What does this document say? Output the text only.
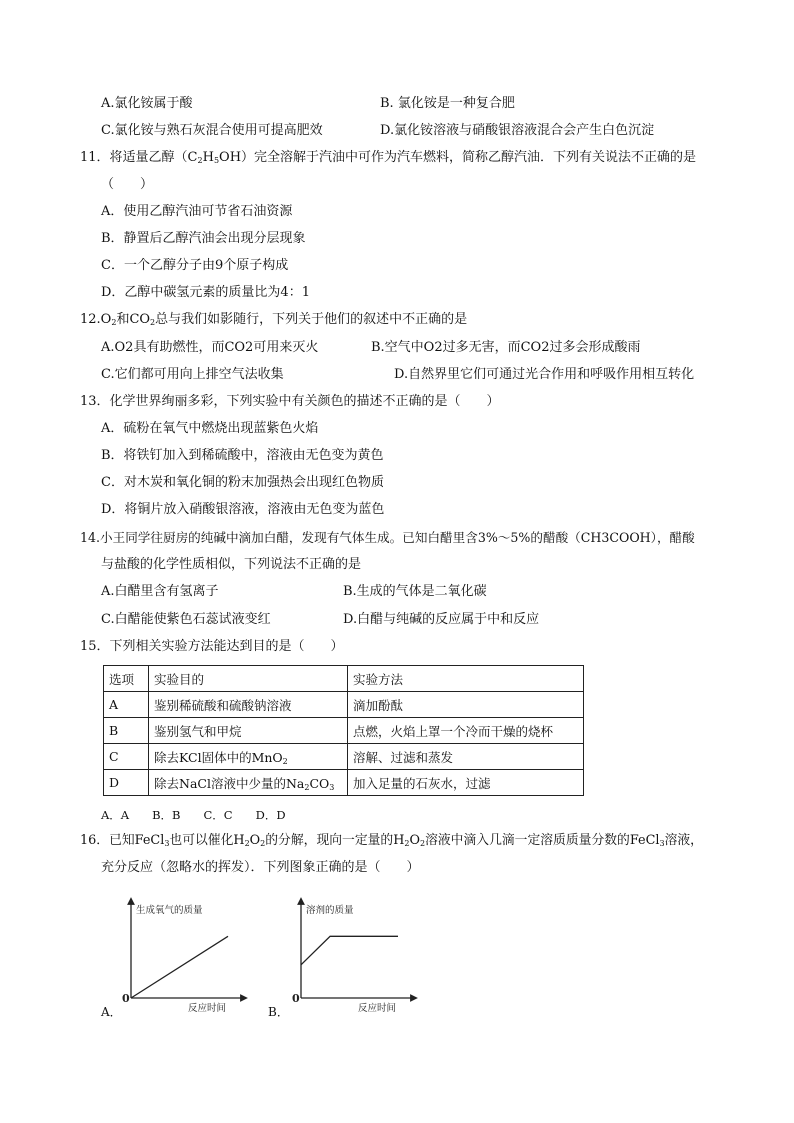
A.氯化铵属于酸	B. 氯化铵是一种复合肥
C.氯化铵与熟石灰混合使用可提高肥效	D.氯化铵溶液与硝酸银溶液混合会产生白色沉淀
11．将适量乙醇$(C_2H_5OH)$完全溶解于汽油中可作为汽车燃料，简称乙醇汽油．下列有关说法不正确的是
（　　）
A．使用乙醇汽油可节省石油资源
B．静置后乙醇汽油会出现分层现象
C．一个乙醇分子由9个原子构成
D．乙醇中碳氢元素的质量比为4：1
$12.O_2$和$CO_2$总与我们如影随行，下列关于他们的叙述中不正确的是
A.O2具有助燃性，而CO2可用来灭火	B.空气中O2过多无害，而CO2过多会形成酸雨
C.它们都可用向上排空气法收集	D.自然界里它们可通过光合作用和呼吸作用相互转化
13．化学世界绚丽多彩，下列实验中有关颜色的描述不正确的是（　　）
A．硫粉在氧气中燃烧出现蓝紫色火焰
B．将铁钉加入到稀硫酸中，溶液由无色变为黄色
C．对木炭和氧化铜的粉末加强热会出现红色物质
D．将铜片放入硝酸银溶液，溶液由无色变为蓝色
14.小王同学往厨房的纯碱中滴加白醋，发现有气体生成。已知白醋里含3%～5%的醋酸（CH3COOH），醋酸
与盐酸的化学性质相似，下列说法不正确的是
A.白醋里含有氢离子	B.生成的气体是二氧化碳
C.白醋能使紫色石蕊试液变红	D.白醋与纯碱的反应属于中和反应
15．下列相关实验方法能达到目的是（　　）
选项	实验目的	实验方法
A	鉴别稀硫酸和硫酸钠溶液	滴加酚酞
B	鉴别氢气和甲烷	点燃，火焰上罩一个冷而干燥的烧杯
C	除去KCl固体中的MnO$_2$	溶解、过滤和蒸发
D	除去NaCl溶液中少量的$Na_2CO_3$	加入足量的石灰水，过滤
A．A　　B．B　　C．C　　D．D
16．已知FeCl$_3$也可以催化$H_2O_2$的分解，现向一定量的$H_2O_2$溶液中滴入几滴一定溶质质量分数的FeCl$_3$溶液，
充分反应（忽略水的挥发）．下列图象正确的是（　　）
生成氧气的质量
反应时间
0
A．
溶剂的质量
反应时间
0
B．
